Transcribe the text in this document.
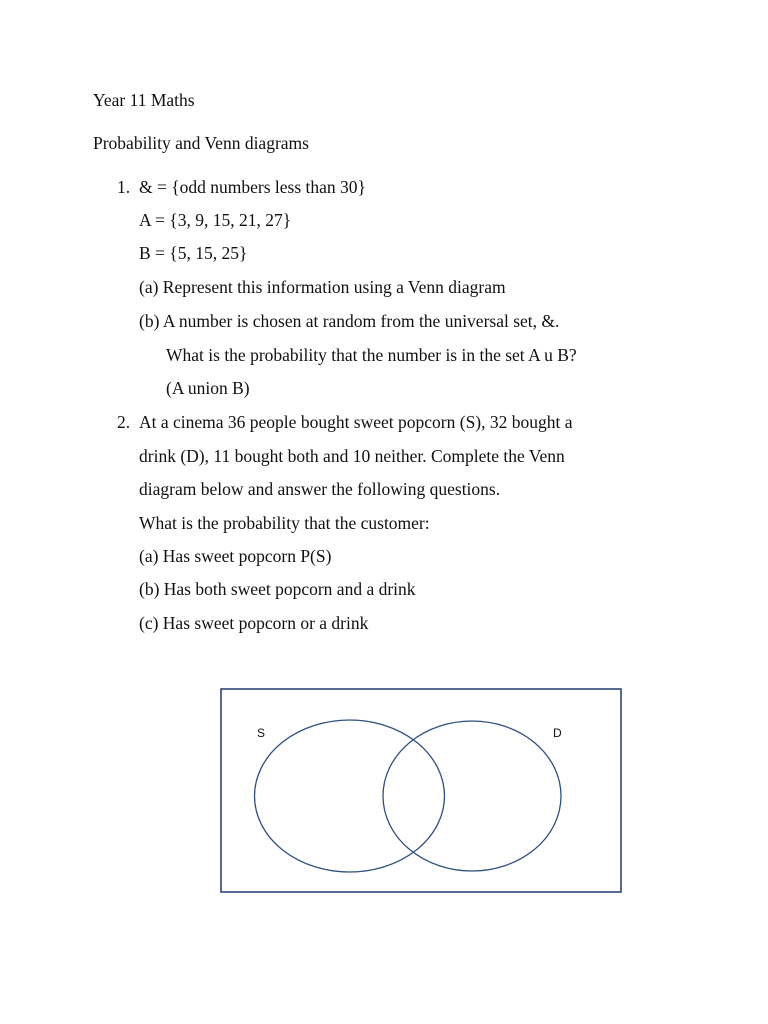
Year 11 Maths
Probability and Venn diagrams
1. & = {odd numbers less than 30}
A = {3, 9, 15, 21, 27}
B = {5, 15, 25}
(a) Represent this information using a Venn diagram
(b) A number is chosen at random from the universal set, &.
What is the probability that the number is in the set A u B?
(A union B)
2. At a cinema 36 people bought sweet popcorn (S), 32 bought a
drink (D), 11 bought both and 10 neither. Complete the Venn
diagram below and answer the following questions.
What is the probability that the customer:
(a) Has sweet popcorn P(S)
(b) Has both sweet popcorn and a drink
(c) Has sweet popcorn or a drink
S	D
